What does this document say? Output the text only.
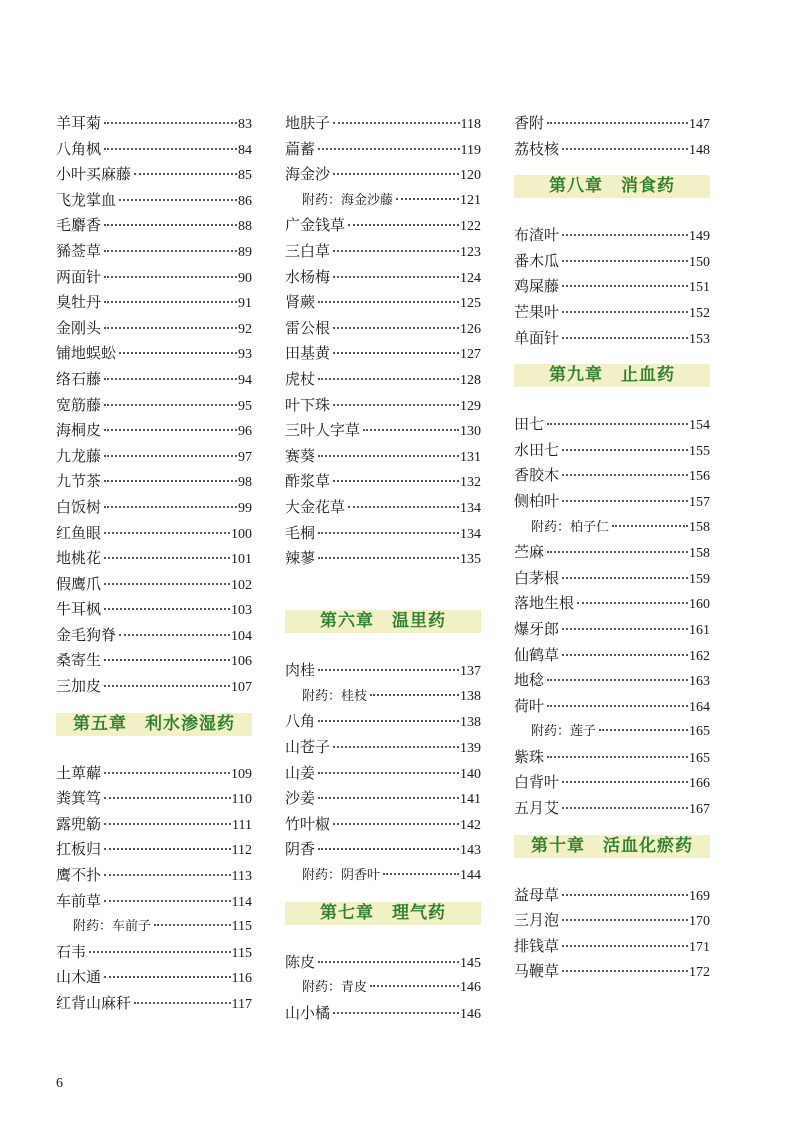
羊耳菊	83
八角枫	84
小叶买麻藤	85
飞龙掌血	86
毛麝香	88
豨莶草	89
两面针	90
臭牡丹	91
金刚头	92
铺地蜈蚣	93
络石藤	94
宽筋藤	95
海桐皮	96
九龙藤	97
九节茶	98
白饭树	99
红鱼眼	100
地桃花	101
假鹰爪	102
牛耳枫	103
金毛狗脊	104
桑寄生	106
三加皮	107
第五章　利水渗湿药
土萆薢	109
粪箕笃	110
露兜簕	111
扛板归	112
鹰不扑	113
车前草	114
附药：车前子	115
石韦	115
山木通	116
红背山麻秆	117
地肤子	118
萹蓄	119
海金沙	120
附药：海金沙藤	121
广金钱草	122
三白草	123
水杨梅	124
肾蕨	125
雷公根	126
田基黄	127
虎杖	128
叶下珠	129
三叶人字草	130
赛葵	131
酢浆草	132
大金花草	134
毛桐	134
辣蓼	135
第六章　温里药
肉桂	137
附药：桂枝	138
八角	138
山苍子	139
山姜	140
沙姜	141
竹叶椒	142
阴香	143
附药：阴香叶	144
第七章　理气药
陈皮	145
附药：青皮	146
山小橘	146
香附	147
荔枝核	148
第八章　消食药
布渣叶	149
番木瓜	150
鸡屎藤	151
芒果叶	152
单面针	153
第九章　止血药
田七	154
水田七	155
香胶木	156
侧柏叶	157
附药：柏子仁	158
苎麻	158
白茅根	159
落地生根	160
爆牙郎	161
仙鹤草	162
地稔	163
荷叶	164
附药：莲子	165
紫珠	165
白背叶	166
五月艾	167
第十章　活血化瘀药
益母草	169
三月泡	170
排钱草	171
马鞭草	172
6
